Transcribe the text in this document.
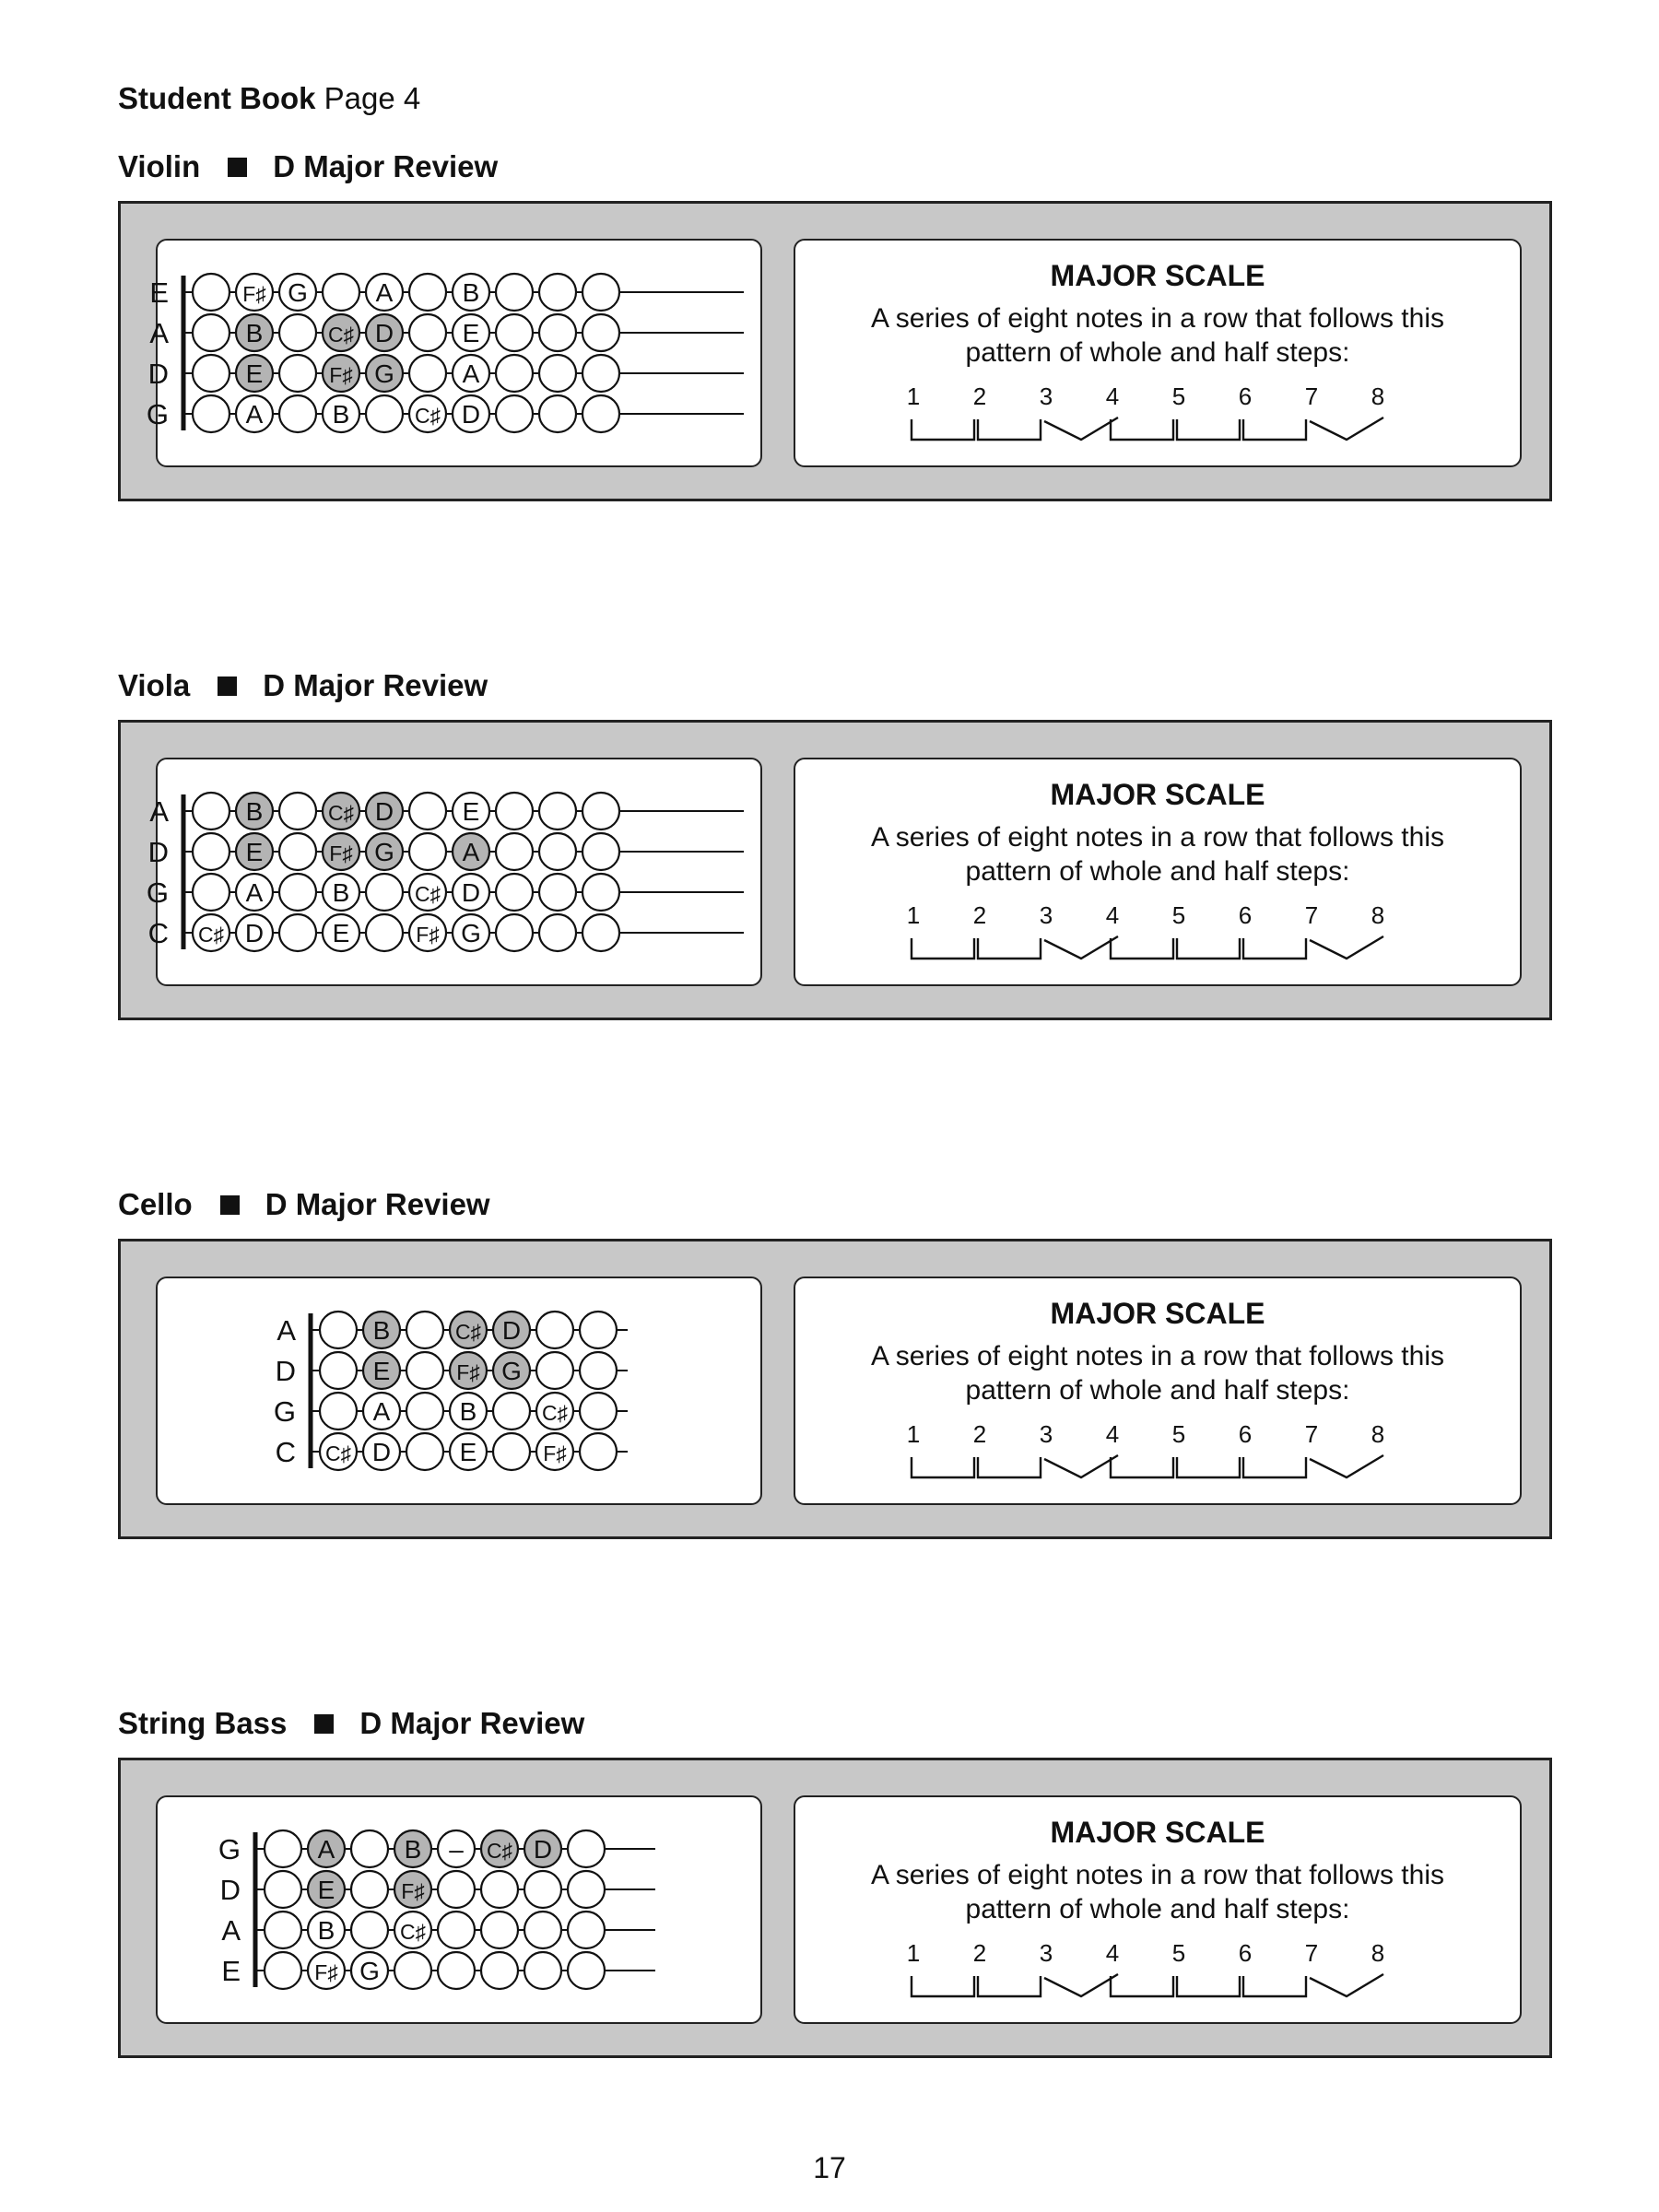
Student Book Page 4
Violin D Major Review
E	F♯ G	A	B
A	B	C♯ D	E
D	E	F♯ G	A
G	A	B	C♯ D
MAJOR SCALE
A series of eight notes in a row that follows this
pattern of whole and half steps:
1 2 3 4 5 6 7 8
Viola D Major Review
A	B	C♯ D	E
D	E	F♯ G	A
G	A	B	C♯ D
C C♯ D	E	F♯ G
MAJOR SCALE
A series of eight notes in a row that follows this
pattern of whole and half steps:
1 2 3 4 5 6 7 8
Cello D Major Review
A	B	C♯ D
D	E	F♯ G
G	A	B	C♯
C C♯ D	E	F♯
MAJOR SCALE
A series of eight notes in a row that follows this
pattern of whole and half steps:
1 2 3 4 5 6 7 8
String Bass D Major Review
G	A	B – C♯ D
D	E	F♯
A	B	C♯
E	F♯ G
MAJOR SCALE
A series of eight notes in a row that follows this
pattern of whole and half steps:
1 2 3 4 5 6 7 8
17
